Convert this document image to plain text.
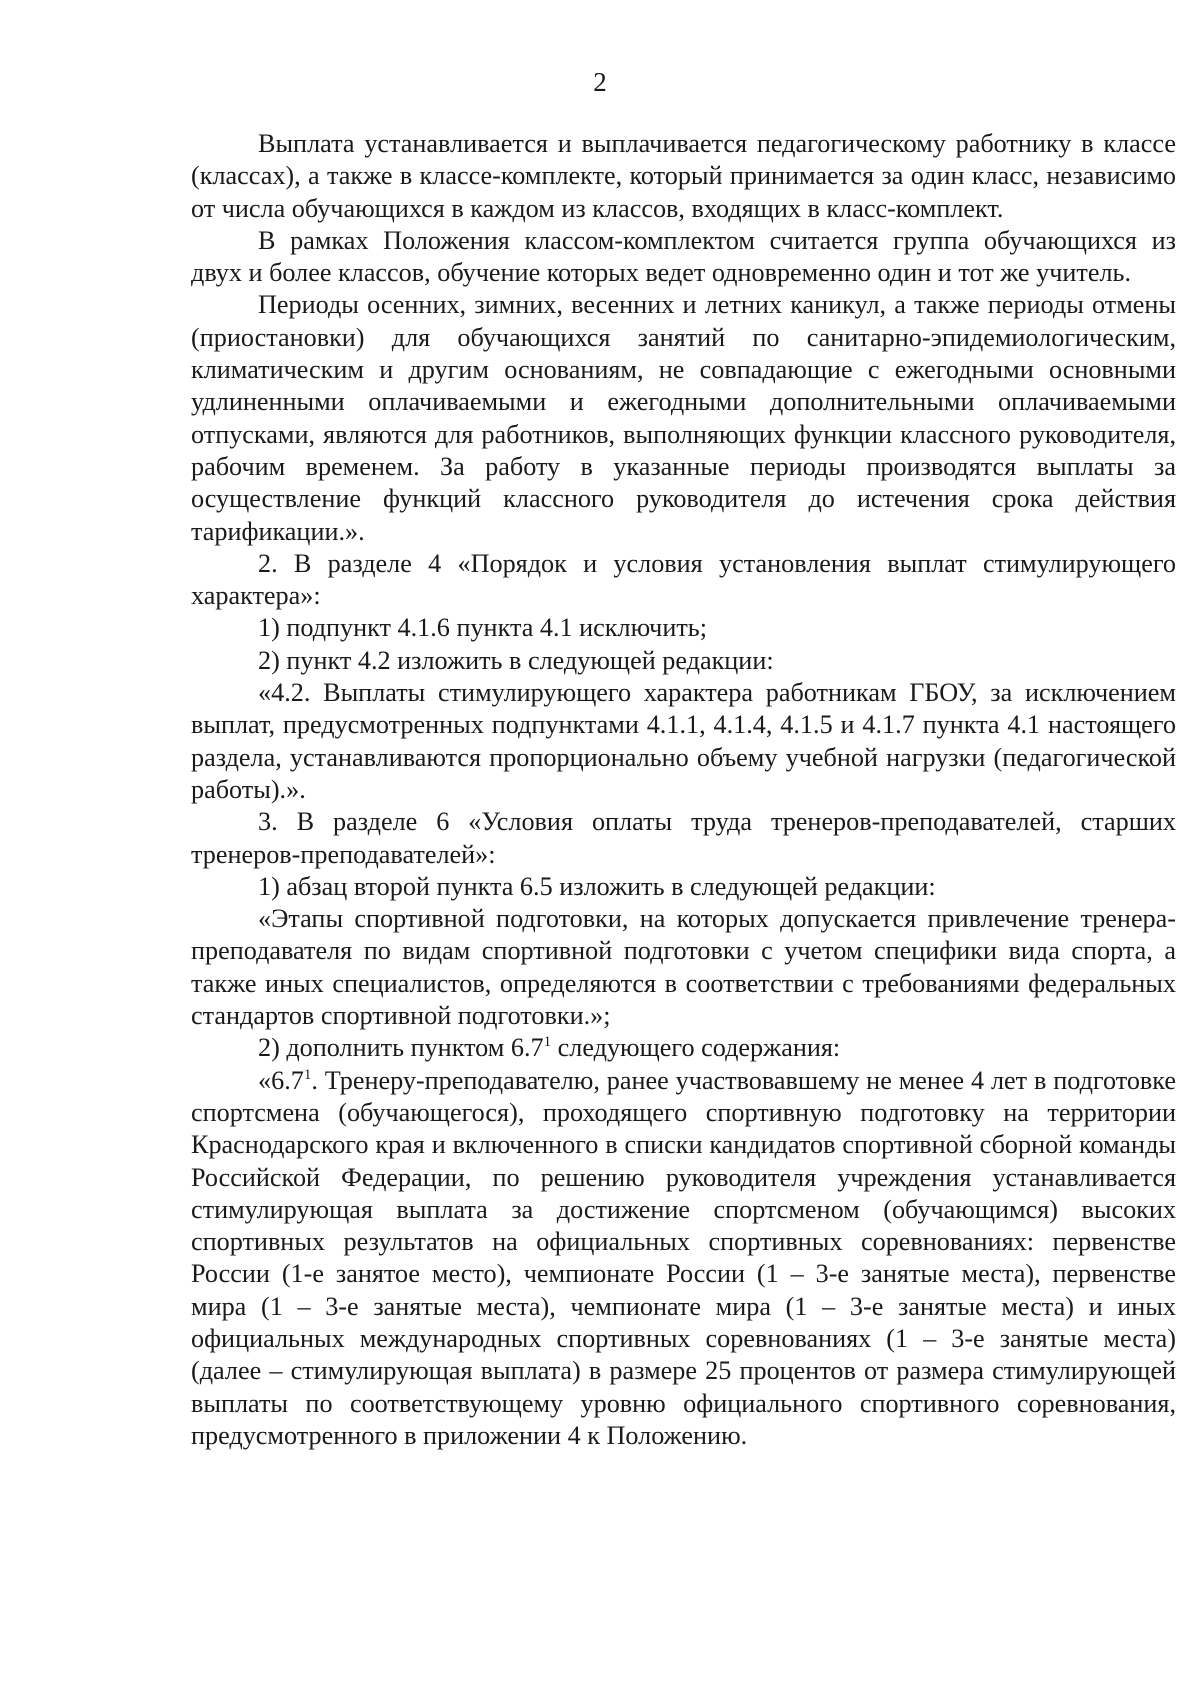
2

Выплата устанавливается и выплачивается педагогическому работнику в классе (классах), а также в классе-комплекте, который принимается за один класс, независимо от числа обучающихся в каждом из классов, входящих в класс-комплект.

В рамках Положения классом-комплектом считается группа обучающихся из двух и более классов, обучение которых ведет одновременно один и тот же учитель.

Периоды осенних, зимних, весенних и летних каникул, а также периоды отмены (приостановки) для обучающихся занятий по санитарно-эпидемиологическим, климатическим и другим основаниям, не совпадающие с ежегодными основными удлиненными оплачиваемыми и ежегодными дополнительными оплачиваемыми отпусками, являются для работников, выполняющих функции классного руководителя, рабочим временем. За работу в указанные периоды производятся выплаты за осуществление функций классного руководителя до истечения срока действия тарификации.».

2. В разделе 4 «Порядок и условия установления выплат стимулирующего характера»:

1) подпункт 4.1.6 пункта 4.1 исключить;

2) пункт 4.2 изложить в следующей редакции:

«4.2. Выплаты стимулирующего характера работникам ГБОУ, за исключением выплат, предусмотренных подпунктами 4.1.1, 4.1.4, 4.1.5 и 4.1.7 пункта 4.1 настоящего раздела, устанавливаются пропорционально объему учебной нагрузки (педагогической работы).».

3. В разделе 6 «Условия оплаты труда тренеров-преподавателей, старших тренеров-преподавателей»:

1) абзац второй пункта 6.5 изложить в следующей редакции:

«Этапы спортивной подготовки, на которых допускается привлечение тренера-преподавателя по видам спортивной подготовки с учетом специфики вида спорта, а также иных специалистов, определяются в соответствии с требованиями федеральных стандартов спортивной подготовки.»;

2) дополнить пунктом $6.7^1$ следующего содержания:

«$6.7^1$. Тренеру-преподавателю, ранее участвовавшему не менее 4 лет в подготовке спортсмена (обучающегося), проходящего спортивную подготовку на территории Краснодарского края и включенного в списки кандидатов спортивной сборной команды Российской Федерации, по решению руководителя учреждения устанавливается стимулирующая выплата за достижение спортсменом (обучающимся) высоких спортивных результатов на официальных спортивных соревнованиях: первенстве России (1-е занятое место), чемпионате России (1 – 3-е занятые места), первенстве мира (1 – 3-е занятые места), чемпионате мира (1 – 3-е занятые места) и иных официальных международных спортивных соревнованиях (1 – 3-е занятые места) (далее – стимулирующая выплата) в размере 25 процентов от размера стимулирующей выплаты по соответствующему уровню официального спортивного соревнования, предусмотренного в приложении 4 к Положению.
